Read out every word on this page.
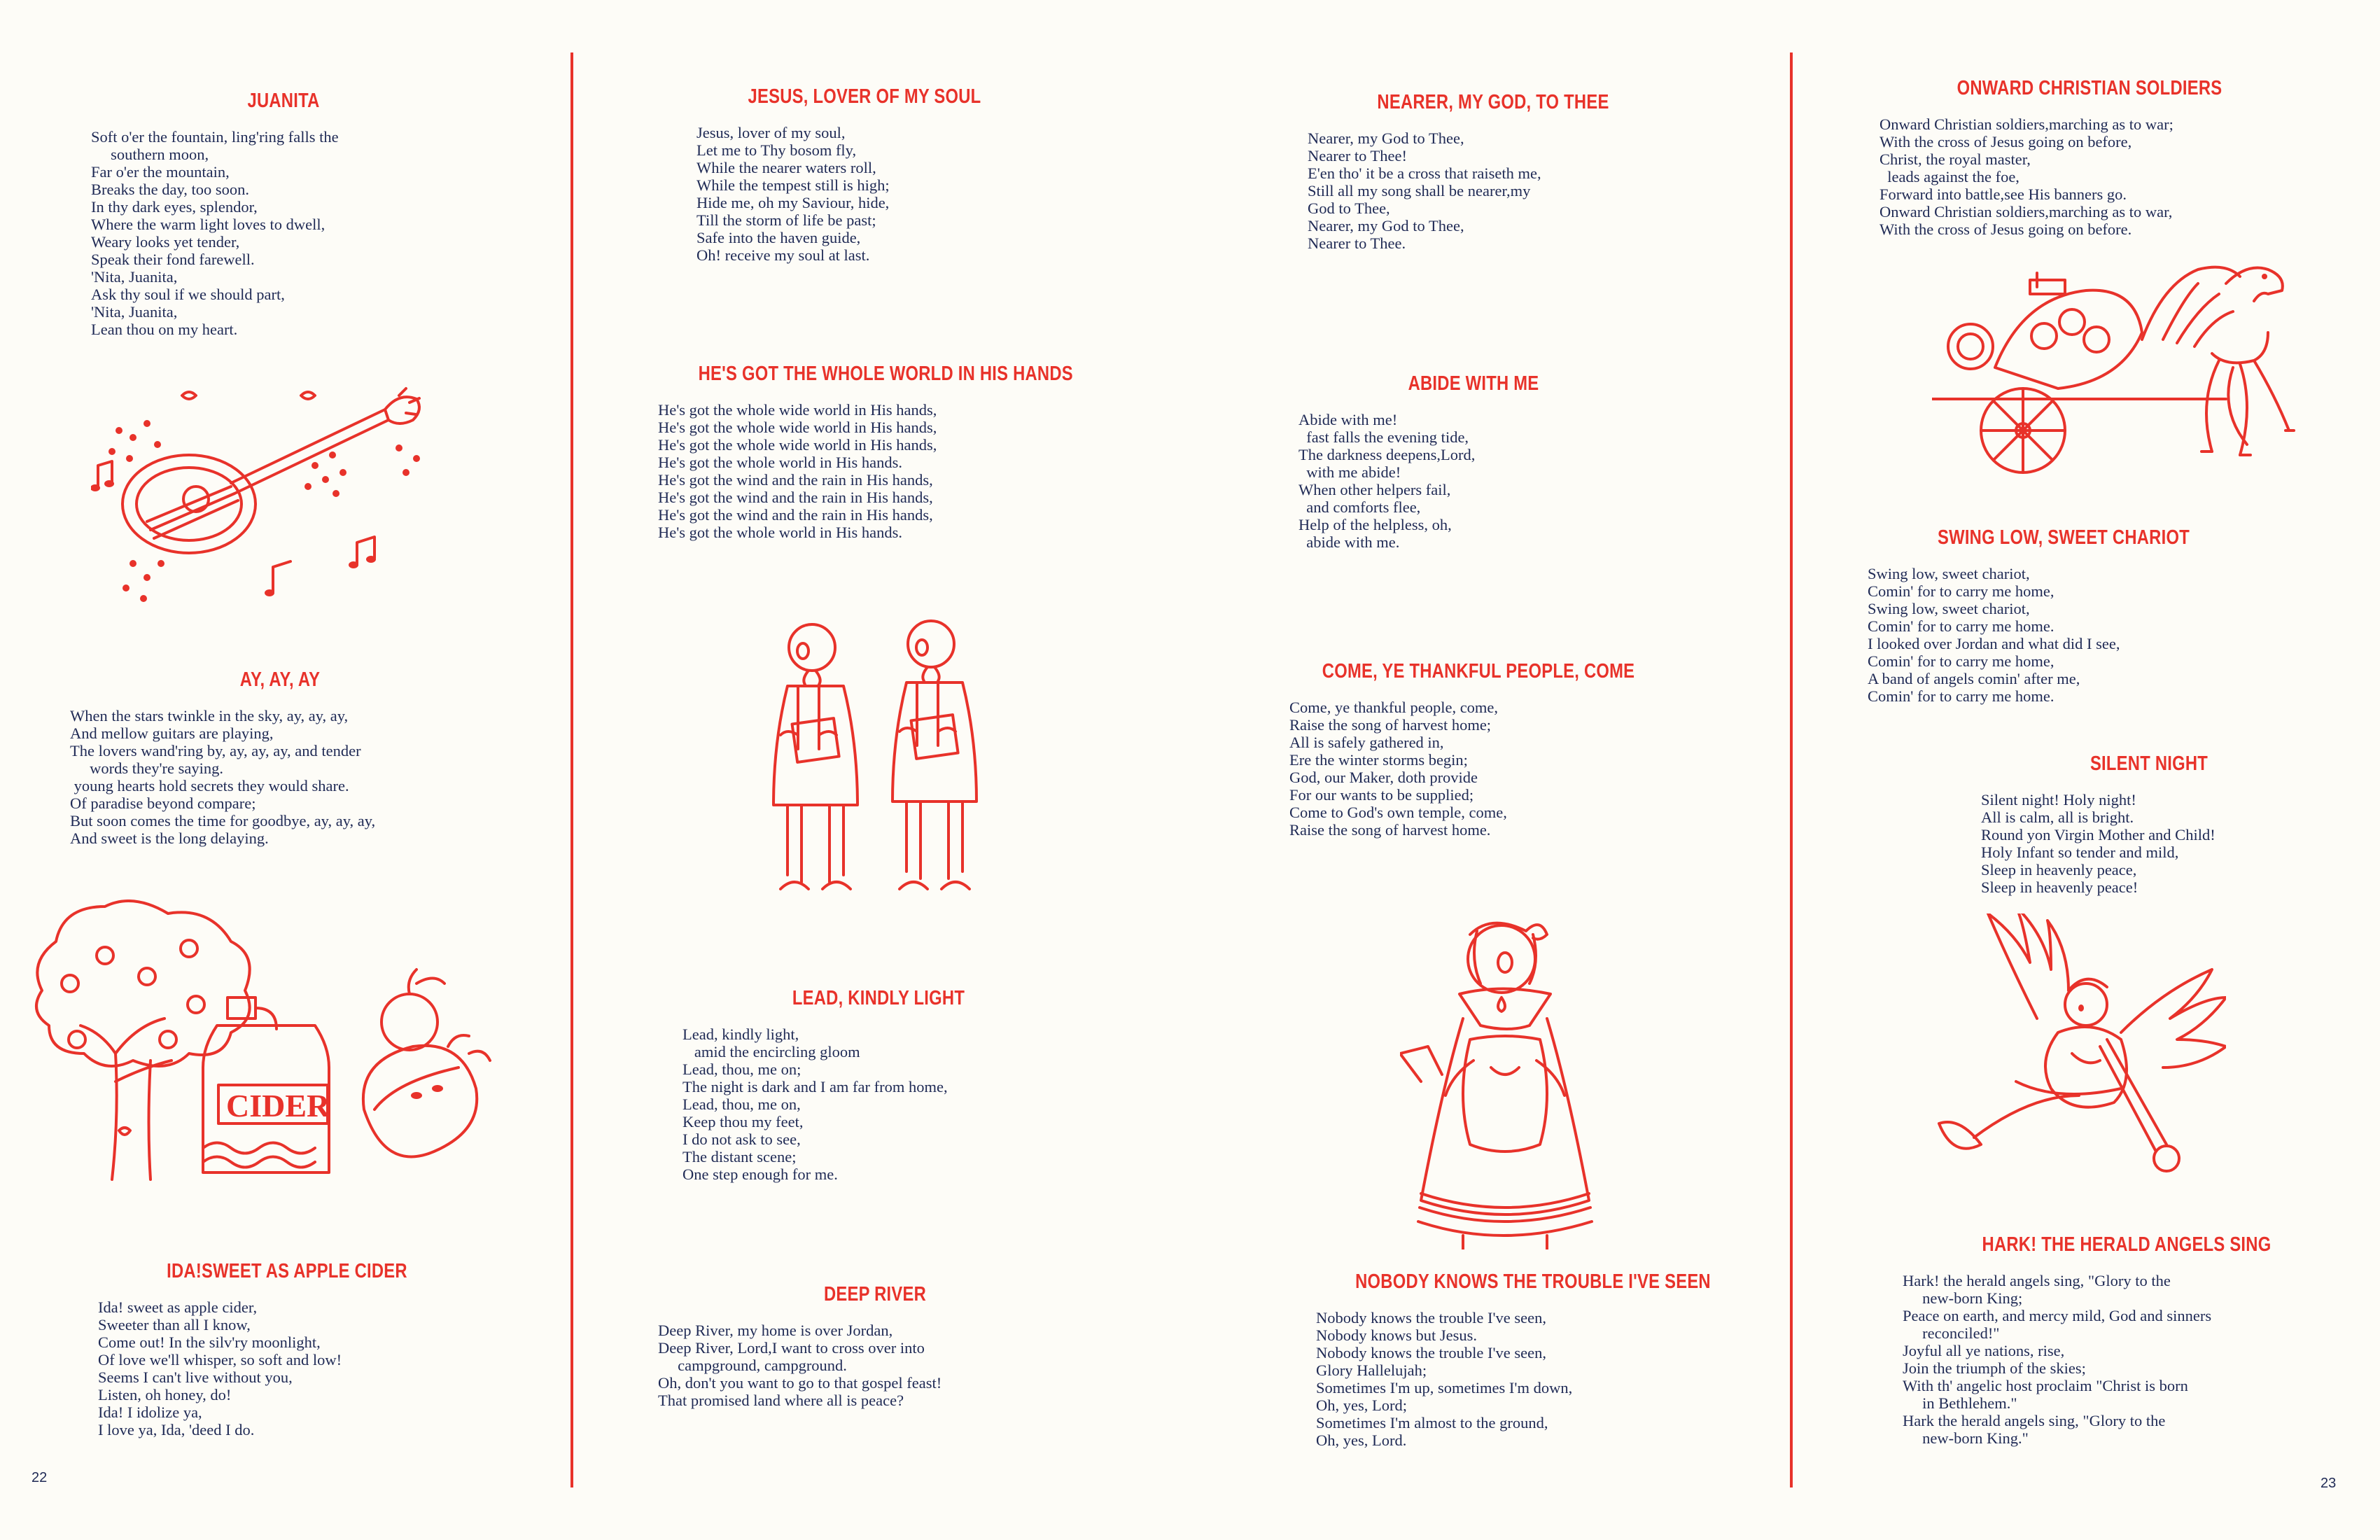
JUANITA
Soft o'er the fountain, ling'ring falls the
southern moon,
Far o'er the mountain,
Breaks the day, too soon.
In thy dark eyes, splendor,
Where the warm light loves to dwell,
Weary looks yet tender,
Speak their fond farewell.
'Nita, Juanita,
Ask thy soul if we should part,
'Nita, Juanita,
Lean thou on my heart.
AY, AY, AY
When the stars twinkle in the sky, ay, ay, ay,
And mellow guitars are playing,
The lovers wand'ring by, ay, ay, ay, and tender
words they're saying.
young hearts hold secrets they would share.
Of paradise beyond compare;
But soon comes the time for goodbye, ay, ay, ay,
And sweet is the long delaying.
CIDER
IDA!SWEET AS APPLE CIDER
Ida! sweet as apple cider,
Sweeter than all I know,
Come out! In the silv'ry moonlight,
Of love we'll whisper, so soft and low!
Seems I can't live without you,
Listen, oh honey, do!
Ida! I idolize ya,
I love ya, Ida, 'deed I do.
22
JESUS, LOVER OF MY SOUL
Jesus, lover of my soul,
Let me to Thy bosom fly,
While the nearer waters roll,
While the tempest still is high;
Hide me, oh my Saviour, hide,
Till the storm of life be past;
Safe into the haven guide,
Oh! receive my soul at last.
HE'S GOT THE WHOLE WORLD IN HIS HANDS
He's got the whole wide world in His hands,
He's got the whole wide world in His hands,
He's got the whole wide world in His hands,
He's got the whole world in His hands.
He's got the wind and the rain in His hands,
He's got the wind and the rain in His hands,
He's got the wind and the rain in His hands,
He's got the whole world in His hands.
LEAD, KINDLY LIGHT
Lead, kindly light,
amid the encircling gloom
Lead, thou, me on;
The night is dark and I am far from home,
Lead, thou, me on,
Keep thou my feet,
I do not ask to see,
The distant scene;
One step enough for me.
DEEP RIVER
Deep River, my home is over Jordan,
Deep River, Lord,I want to cross over into
campground, campground.
Oh, don't you want to go to that gospel feast!
That promised land where all is peace?
NEARER, MY GOD, TO THEE
Nearer, my God to Thee,
Nearer to Thee!
E'en tho' it be a cross that raiseth me,
Still all my song shall be nearer,my
God to Thee,
Nearer, my God to Thee,
Nearer to Thee.
ABIDE WITH ME
Abide with me!
fast falls the evening tide,
The darkness deepens,Lord,
with me abide!
When other helpers fail,
and comforts flee,
Help of the helpless, oh,
abide with me.
COME, YE THANKFUL PEOPLE, COME
Come, ye thankful people, come,
Raise the song of harvest home;
All is safely gathered in,
Ere the winter storms begin;
God, our Maker, doth provide
For our wants to be supplied;
Come to God's own temple, come,
Raise the song of harvest home.
NOBODY KNOWS THE TROUBLE I'VE SEEN
Nobody knows the trouble I've seen,
Nobody knows but Jesus.
Nobody knows the trouble I've seen,
Glory Hallelujah;
Sometimes I'm up, sometimes I'm down,
Oh, yes, Lord;
Sometimes I'm almost to the ground,
Oh, yes, Lord.
ONWARD CHRISTIAN SOLDIERS
Onward Christian soldiers,marching as to war;
With the cross of Jesus going on before,
Christ, the royal master,
leads against the foe,
Forward into battle,see His banners go.
Onward Christian soldiers,marching as to war,
With the cross of Jesus going on before.
SWING LOW, SWEET CHARIOT
Swing low, sweet chariot,
Comin' for to carry me home,
Swing low, sweet chariot,
Comin' for to carry me home.
I looked over Jordan and what did I see,
Comin' for to carry me home,
A band of angels comin' after me,
Comin' for to carry me home.
SILENT NIGHT
Silent night! Holy night!
All is calm, all is bright.
Round yon Virgin Mother and Child!
Holy Infant so tender and mild,
Sleep in heavenly peace,
Sleep in heavenly peace!
HARK! THE HERALD ANGELS SING
Hark! the herald angels sing, "Glory to the
new-born King;
Peace on earth, and mercy mild, God and sinners
reconciled!"
Joyful all ye nations, rise,
Join the triumph of the skies;
With th' angelic host proclaim "Christ is born
in Bethlehem."
Hark the herald angels sing, "Glory to the
new-born King."
23
